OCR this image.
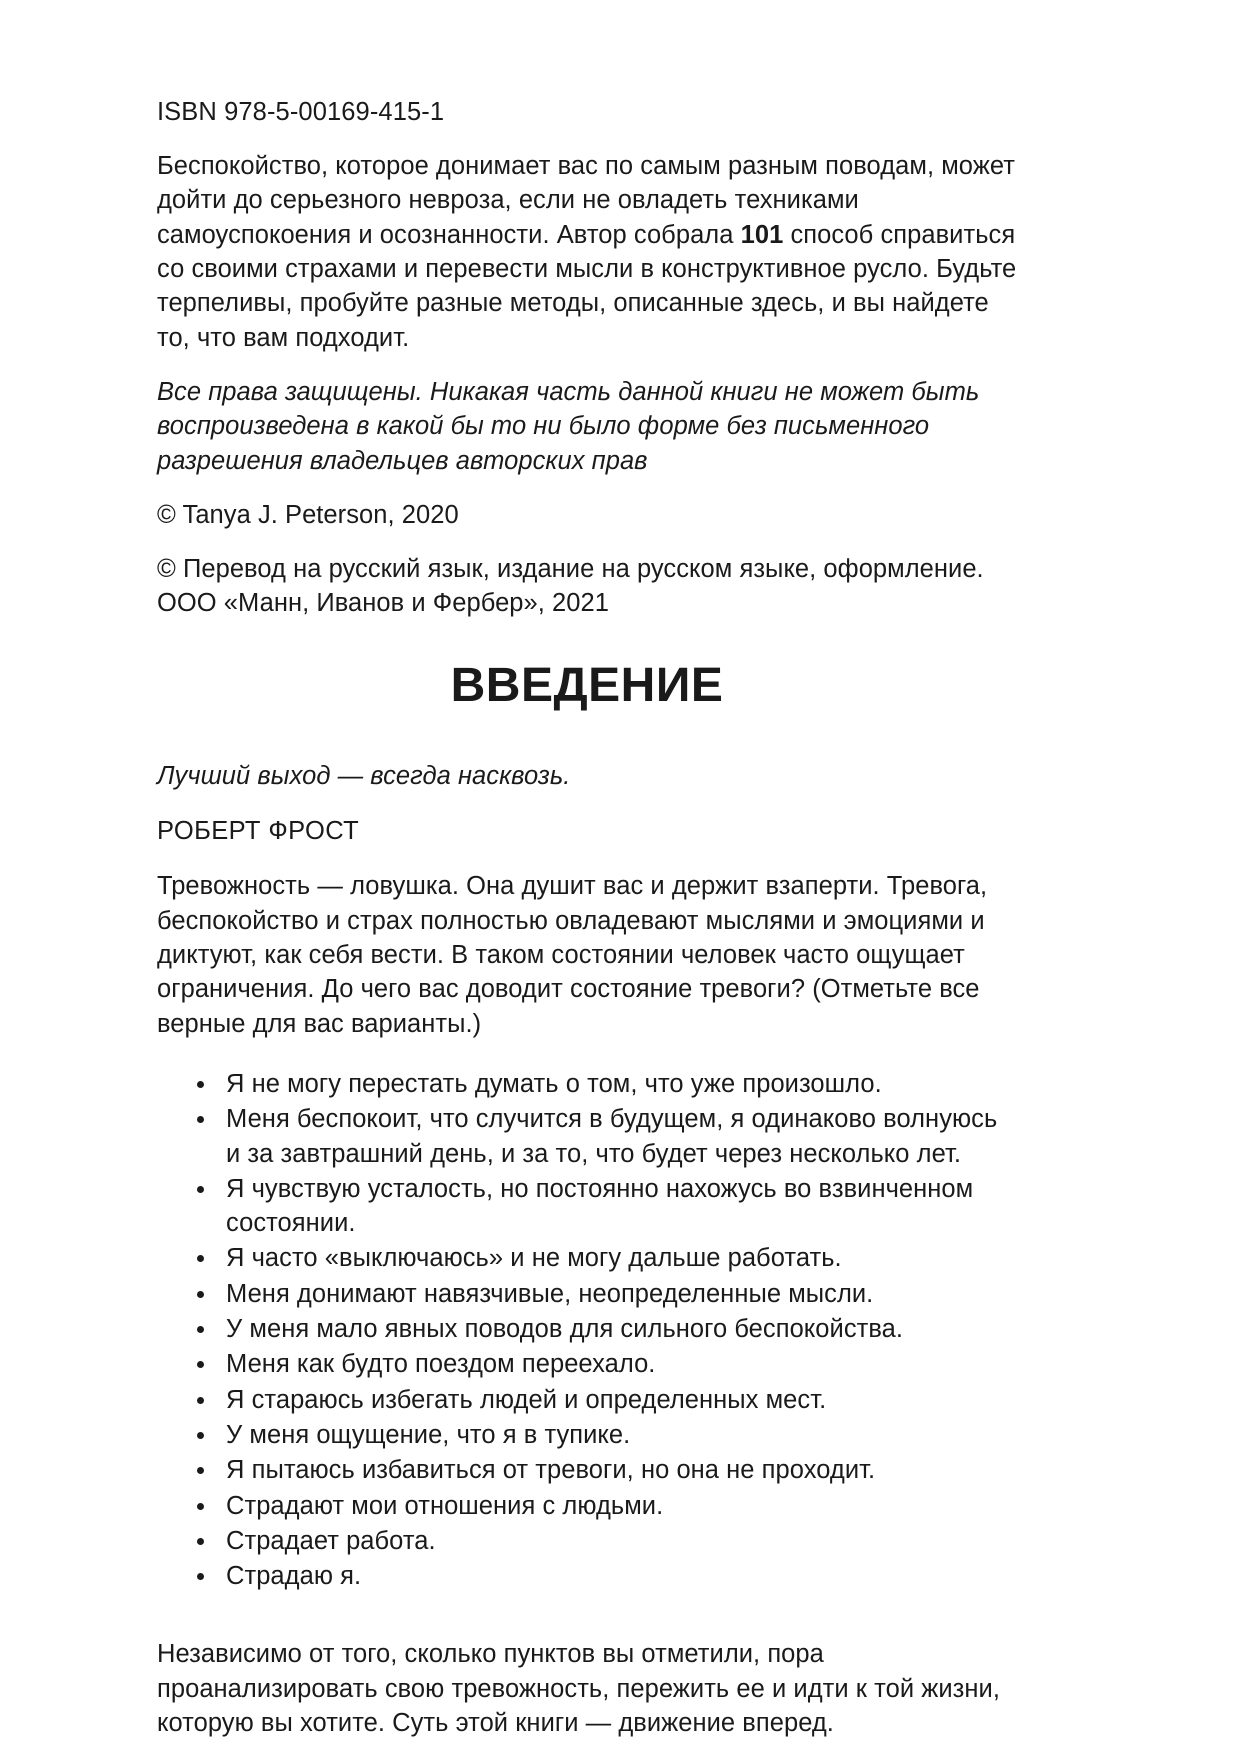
ISBN 978-5-00169-415-1

Беспокойство, которое донимает вас по самым разным поводам, может дойти до серьезного невроза, если не овладеть техниками самоуспокоения и осознанности. Автор собрала 101 способ справиться со своими страхами и перевести мысли в конструктивное русло. Будьте терпеливы, пробуйте разные методы, описанные здесь, и вы найдете то, что вам подходит.

Все права защищены. Никакая часть данной книги не может быть воспроизведена в какой бы то ни было форме без письменного разрешения владельцев авторских прав

© Tanya J. Peterson, 2020

© Перевод на русский язык, издание на русском языке, оформление. ООО «Манн, Иванов и Фербер», 2021

ВВЕДЕНИЕ

Лучший выход — всегда насквозь.

РОБЕРТ ФРОСТ

Тревожность — ловушка. Она душит вас и держит взаперти. Тревога, беспокойство и страх полностью овладевают мыслями и эмоциями и диктуют, как себя вести. В таком состоянии человек часто ощущает ограничения. До чего вас доводит состояние тревоги? (Отметьте все верные для вас варианты.)

Я не могу перестать думать о том, что уже произошло.
Меня беспокоит, что случится в будущем, я одинаково волнуюсь и за завтрашний день, и за то, что будет через несколько лет.
Я чувствую усталость, но постоянно нахожусь во взвинченном состоянии.
Я часто «выключаюсь» и не могу дальше работать.
Меня донимают навязчивые, неопределенные мысли.
У меня мало явных поводов для сильного беспокойства.
Меня как будто поездом переехало.
Я стараюсь избегать людей и определенных мест.
У меня ощущение, что я в тупике.
Я пытаюсь избавиться от тревоги, но она не проходит.
Страдают мои отношения с людьми.
Страдает работа.
Страдаю я.

Независимо от того, сколько пунктов вы отметили, пора проанализировать свою тревожность, пережить ее и идти к той жизни, которую вы хотите. Суть этой книги — движение вперед.
